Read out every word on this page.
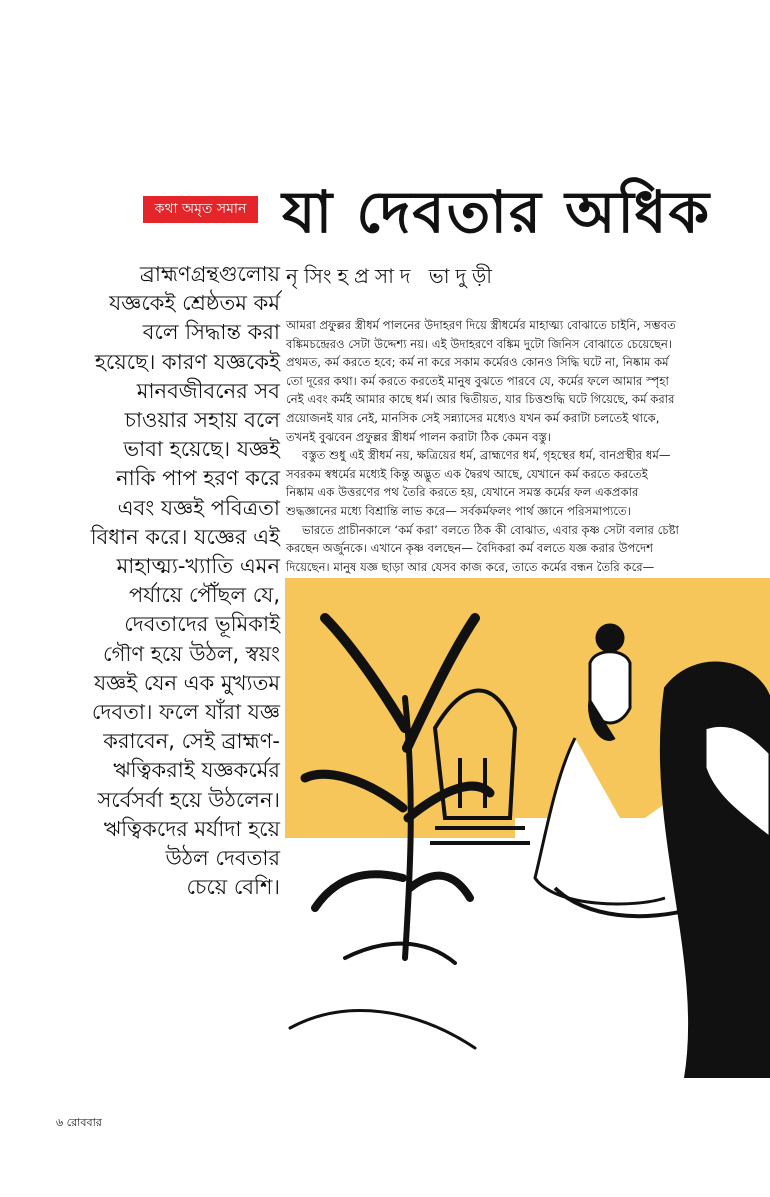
কথা অমৃত সমান যা দেবতার অধিক
নৃসিংহপ্রসাদ ভাদুড়ী
ব্রাহ্মণগ্রন্থগুলোয়
যজ্ঞকেই শ্রেষ্ঠতম কর্ম
বলে সিদ্ধান্ত করা
হয়েছে। কারণ যজ্ঞকেই
মানবজীবনের সব
চাওয়ার সহায় বলে
ভাবা হয়েছে। যজ্ঞই
নাকি পাপ হরণ করে
এবং যজ্ঞই পবিত্রতা
বিধান করে। যজ্ঞের এই
মাহাত্ম্য-খ্যাতি এমন
পর্যায়ে পৌঁছল যে,
দেবতাদের ভূমিকাই
গৌণ হয়ে উঠল, স্বয়ং
যজ্ঞই যেন এক মুখ্যতম
দেবতা। ফলে যাঁরা যজ্ঞ
করাবেন, সেই ব্রাহ্মণ-
ঋত্বিকরাই যজ্ঞকর্মের
সর্বেসর্বা হয়ে উঠলেন।
ঋত্বিকদের মর্যাদা হয়ে
উঠল দেবতার
চেয়ে বেশি।
আমরা প্রফুল্লর স্ত্রীধর্ম পালনের উদাহরণ দিয়ে স্ত্রীধর্মের মাহাত্ম্য বোঝাতে চাইনি, সম্ভবত
বঙ্কিমচন্দ্রেরও সেটা উদ্দেশ্য নয়। এই উদাহরণে বঙ্কিম দুটো জিনিস বোঝাতে চেয়েছেন।
প্রথমত, কর্ম করতে হবে; কর্ম না করে সকাম কর্মেরও কোনও সিদ্ধি ঘটে না, নিষ্কাম কর্ম
তো দূরের কথা। কর্ম করতে করতেই মানুষ বুঝতে পারবে যে, কর্মের ফলে আমার স্পৃহা
নেই এবং কর্মই আমার কাছে ধর্ম। আর দ্বিতীয়ত, যার চিত্তশুদ্ধি ঘটে গিয়েছে, কর্ম করার
প্রয়োজনই যার নেই, মানসিক সেই সন্ন্যাসের মধ্যেও যখন কর্ম করাটা চলতেই থাকে,
তখনই বুঝবেন প্রফুল্লর স্ত্রীধর্ম পালন করাটা ঠিক কেমন বস্তু।
বস্তুত শুধু এই স্ত্রীধর্ম নয়, ক্ষত্রিয়ের ধর্ম, ব্রাহ্মণের ধর্ম, গৃহস্থের ধর্ম, বানপ্রস্থীর ধর্ম—
সবরকম স্বধর্মের মধ্যেই কিন্তু অদ্ভুত এক দ্বৈরথ আছে, যেখানে কর্ম করতে করতেই
নিষ্কাম এক উত্তরণের পথ তৈরি করতে হয়, যেখানে সমস্ত কর্মের ফল একপ্রকার
শুদ্ধজ্ঞানের মধ্যে বিশ্রান্তি লাভ করে— সর্বকর্মফলং পার্থ জ্ঞানে পরিসমাপ্যতে।
ভারতে প্রাচীনকালে ‘কর্ম করা’ বলতে ঠিক কী বোঝাত, এবার কৃষ্ণ সেটা বলার চেষ্টা
করছেন অর্জুনকে। এখানে কৃষ্ণ বলছেন— বৈদিকরা কর্ম বলতে যজ্ঞ করার উপদেশ
দিয়েছেন। মানুষ যজ্ঞ ছাড়া আর যেসব কাজ করে, তাতে কর্মের বন্ধন তৈরি করে—
৬ রোববার
